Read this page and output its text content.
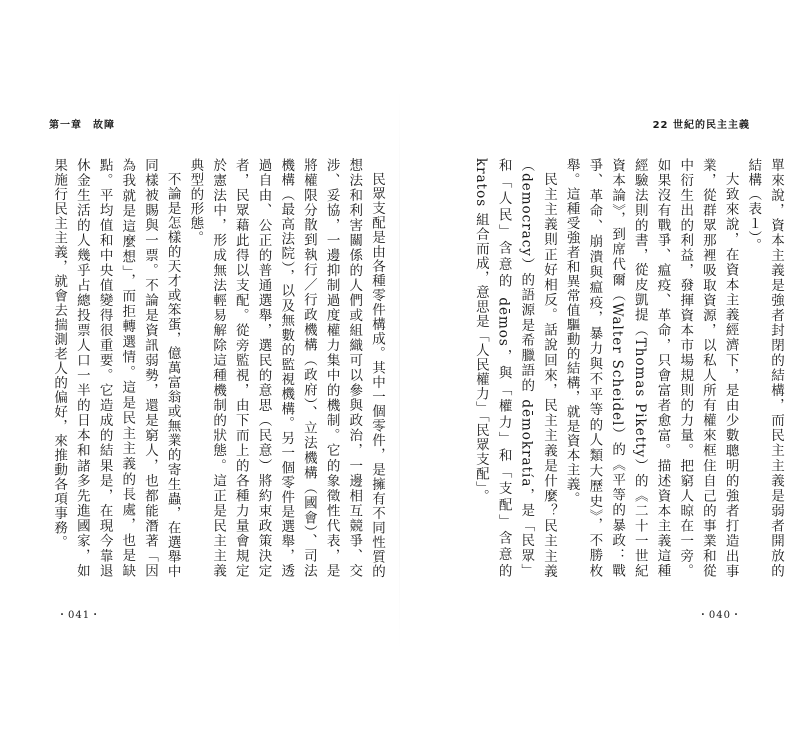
第一章　故障

民眾支配是由各種零件構成。其中一個零件，是擁有不同性質的想法和利害關係的人們或組織可以參與政治，一邊相互競爭、交涉、妥協，一邊抑制過度權力集中的機制。它的象徵性代表，是將權限分散到執行／行政機構（政府）、立法機構（國會）、司法機構（最高法院），以及無數的監視機構。另一個零件是選舉，透過自由、公正的普通選舉，選民的意思（民意）將約束政策決定者，民眾藉此得以支配。從旁監視，由下而上的各種力量會規定於憲法中，形成無法輕易解除這種機制的狀態。這正是民主主義典型的形態。

不論是怎樣的天才或笨蛋，億萬富翁或無業的寄生蟲，在選舉中同樣被賜與一票。不論是資訊弱勢，還是窮人，也都能潛著「因為我就是這麼想」，而拒轉選情。這是民主主義的長處，也是缺點。平均值和中央值變得很重要。它造成的結果是，在現今靠退休金生活的人幾乎占總投票人口一半的日本和諸多先進國家，如果施行民主主義，就會去揣測老人的偏好，來推動各項事務。

・041・
22 世紀的民主主義

單來說，資本主義是強者封閉的結構，而民主主義是弱者開放的結構（表１）。

大致來說，在資本主義經濟下，是由少數聰明的強者打造出事業，從群眾那裡吸取資源，以私人所有權來框住自己的事業和從中衍生出的利益，發揮資本市場規則的力量。把窮人晾在一旁。如果沒有戰爭、瘟疫、革命，只會富者愈富。描述資本主義這種經驗法則的書，從皮凱提（Thomas Piketty）的《二十一世紀資本論》，到席代爾（Walter Scheidel）的《平等的暴政：戰爭、革命、崩潰與瘟疫，暴力與不平等的人類大歷史》，不勝枚舉。這種受強者和異常值驅動的結構，就是資本主義。

民主主義則正好相反。話說回來，民主主義是什麼？民主主義（democracy）的語源是希臘語的 dēmokratía，是「民眾」和「人民」含意的 dēmos，與「權力」和「支配」含意的 kratos 組合而成，意思是「人民權力」「民眾支配」。

・040・
